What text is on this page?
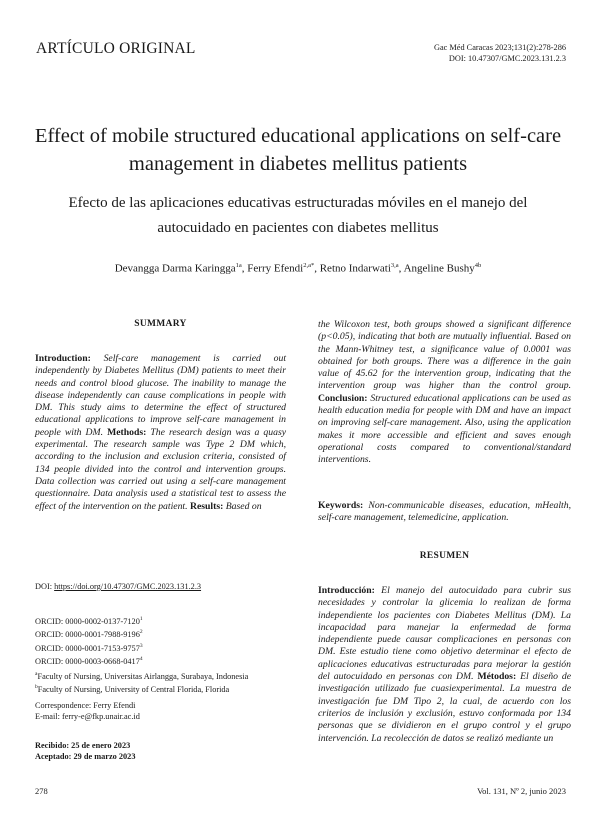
ARTÍCULO ORIGINAL	Gac Méd Caracas 2023;131(2):278-286
DOI: 10.47307/GMC.2023.131.2.3
Effect of mobile structured educational applications on self-care management in diabetes mellitus patients
Efecto de las aplicaciones educativas estructuradas móviles en el manejo del autocuidado en pacientes con diabetes mellitus
Devangga Darma Karingga$^{1a}$, Ferry Efendi$^{2,a*}$, Retno Indarwati$^{3,a}$, Angeline Bushy$^{4b}$
SUMMARY
Introduction: Self-care management is carried out independently by Diabetes Mellitus (DM) patients to meet their needs and control blood glucose. The inability to manage the disease independently can cause complications in people with DM. This study aims to determine the effect of structured educational applications to improve self-care management in people with DM. Methods: The research design was a quasy experimental. The research sample was Type 2 DM which, according to the inclusion and exclusion criteria, consisted of 134 people divided into the control and intervention groups. Data collection was carried out using a self-care management questionnaire. Data analysis used a statistical test to assess the effect of the intervention on the patient. Results: Based on
DOI: https://doi.org/10.47307/GMC.2023.131.2.3
ORCID: 0000-0002-0137-7120$^1$
ORCID: 0000-0001-7988-9196$^2$
ORCID: 0000-0001-7153-9757$^3$
ORCID: 0000-0003-0668-0417$^4$
$^a$Faculty of Nursing, Universitas Airlangga, Surabaya, Indonesia
$^b$Faculty of Nursing, University of Central Florida, Florida
Correspondence: Ferry Efendi
E-mail: ferry-e@fkp.unair.ac.id
Recibido: 25 de enero 2023
Aceptado: 29 de marzo 2023
the Wilcoxon test, both groups showed a significant difference (p<0.05), indicating that both are mutually influential. Based on the Mann-Whitney test, a significance value of 0.0001 was obtained for both groups. There was a difference in the gain value of 45.62 for the intervention group, indicating that the intervention group was higher than the control group. Conclusion: Structured educational applications can be used as health education media for people with DM and have an impact on improving self-care management. Also, using the application makes it more accessible and efficient and saves enough operational costs compared to conventional/standard interventions.
Keywords: Non-communicable diseases, education, mHealth, self-care management, telemedicine, application.
RESUMEN
Introducción: El manejo del autocuidado para cubrir sus necesidades y controlar la glicemia lo realizan de forma independiente los pacientes con Diabetes Mellitus (DM). La incapacidad para manejar la enfermedad de forma independiente puede causar complicaciones en personas con DM. Este estudio tiene como objetivo determinar el efecto de aplicaciones educativas estructuradas para mejorar la gestión del autocuidado en personas con DM. Métodos: El diseño de investigación utilizado fue cuasiexperimental. La muestra de investigación fue DM Tipo 2, la cual, de acuerdo con los criterios de inclusión y exclusión, estuvo conformada por 134 personas que se dividieron en el grupo control y el grupo intervención. La recolección de datos se realizó mediante un
278	Vol. 131, Nº 2, junio 2023
